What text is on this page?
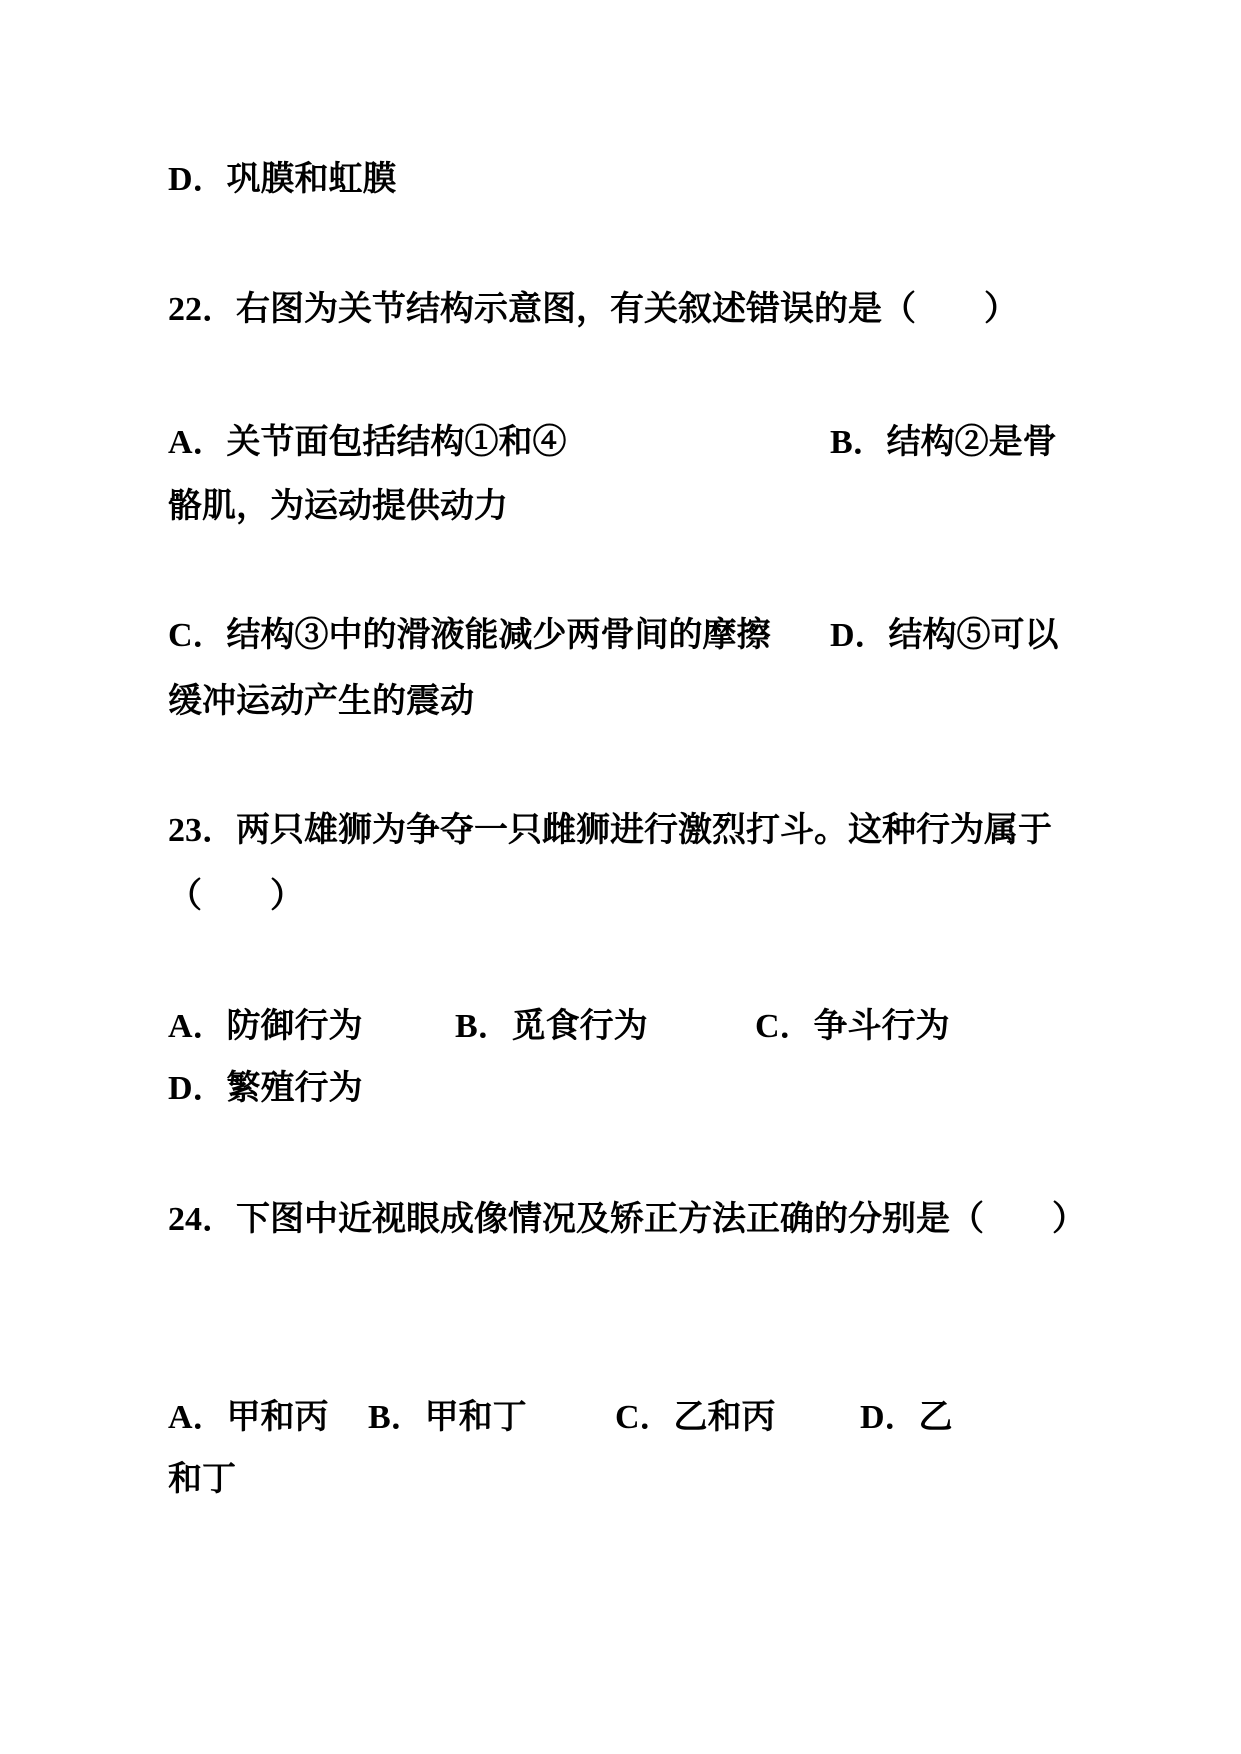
D．巩膜和虹膜

22．右图为关节结构示意图，有关叙述错误的是（　　）

A．关节面包括结构①和④

	B．结构②是骨

骼肌，为运动提供动力

C．结构③中的滑液能减少两骨间的摩擦

D．结构⑤可以

缓冲运动产生的震动

23．两只雄狮为争夺一只雌狮进行激烈打斗。这种行为属于

（　　）

A．防御行为

	B．觅食行为

	C．争斗行为

D．繁殖行为

24．下图中近视眼成像情况及矫正方法正确的分别是（　　）

A．甲和丙

B．甲和丁

	C．乙和丙

D．乙

和丁
